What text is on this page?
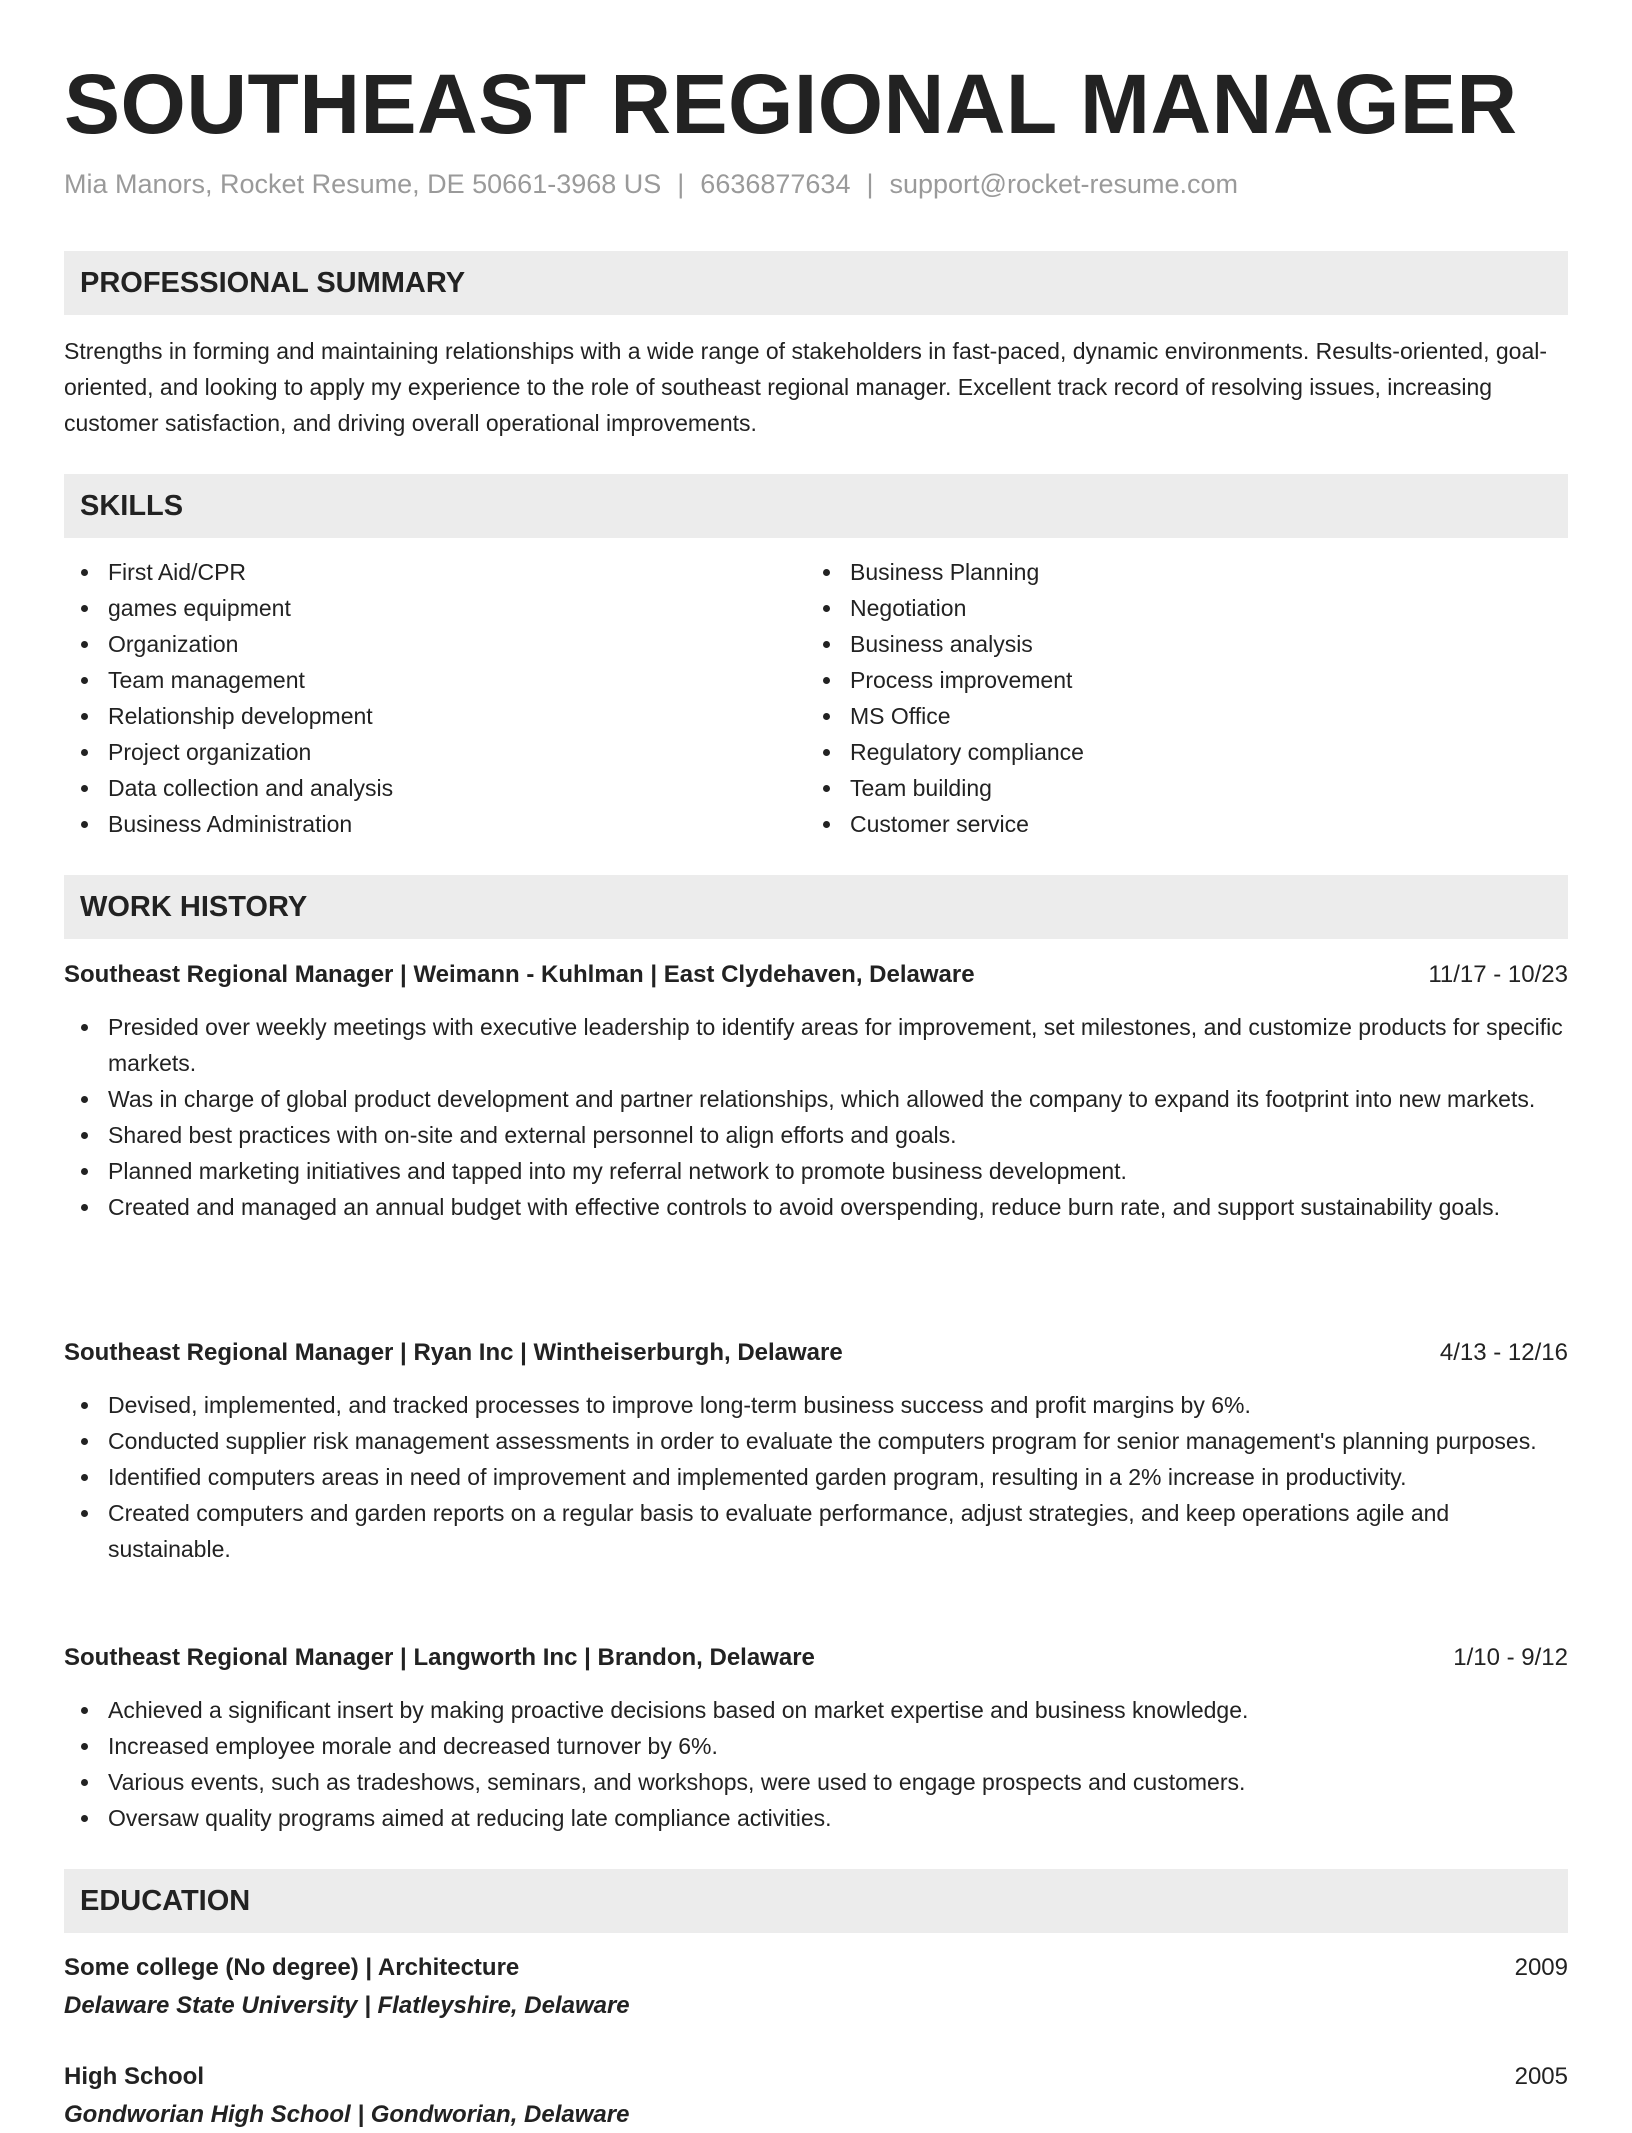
SOUTHEAST REGIONAL MANAGER
Mia Manors, Rocket Resume, DE 50661-3968 US | 6636877634 | support@rocket-resume.com
PROFESSIONAL SUMMARY
Strengths in forming and maintaining relationships with a wide range of stakeholders in fast-paced, dynamic environments. Results-oriented, goal-oriented, and looking to apply my experience to the role of southeast regional manager. Excellent track record of resolving issues, increasing customer satisfaction, and driving overall operational improvements.
SKILLS
First Aid/CPR
games equipment
Organization
Team management
Relationship development
Project organization
Data collection and analysis
Business Administration
Business Planning
Negotiation
Business analysis
Process improvement
MS Office
Regulatory compliance
Team building
Customer service
WORK HISTORY
Southeast Regional Manager | Weimann - Kuhlman | East Clydehaven, Delaware	11/17 - 10/23
Presided over weekly meetings with executive leadership to identify areas for improvement, set milestones, and customize products for specific markets.
Was in charge of global product development and partner relationships, which allowed the company to expand its footprint into new markets.
Shared best practices with on-site and external personnel to align efforts and goals.
Planned marketing initiatives and tapped into my referral network to promote business development.
Created and managed an annual budget with effective controls to avoid overspending, reduce burn rate, and support sustainability goals.
Southeast Regional Manager | Ryan Inc | Wintheiserburgh, Delaware	4/13 - 12/16
Devised, implemented, and tracked processes to improve long-term business success and profit margins by 6%.
Conducted supplier risk management assessments in order to evaluate the computers program for senior management's planning purposes.
Identified computers areas in need of improvement and implemented garden program, resulting in a 2% increase in productivity.
Created computers and garden reports on a regular basis to evaluate performance, adjust strategies, and keep operations agile and sustainable.
Southeast Regional Manager | Langworth Inc | Brandon, Delaware	1/10 - 9/12
Achieved a significant insert by making proactive decisions based on market expertise and business knowledge.
Increased employee morale and decreased turnover by 6%.
Various events, such as tradeshows, seminars, and workshops, were used to engage prospects and customers.
Oversaw quality programs aimed at reducing late compliance activities.
EDUCATION
Some college (No degree) | Architecture	2009
Delaware State University | Flatleyshire, Delaware
High School	2005
Gondworian High School | Gondworian, Delaware
